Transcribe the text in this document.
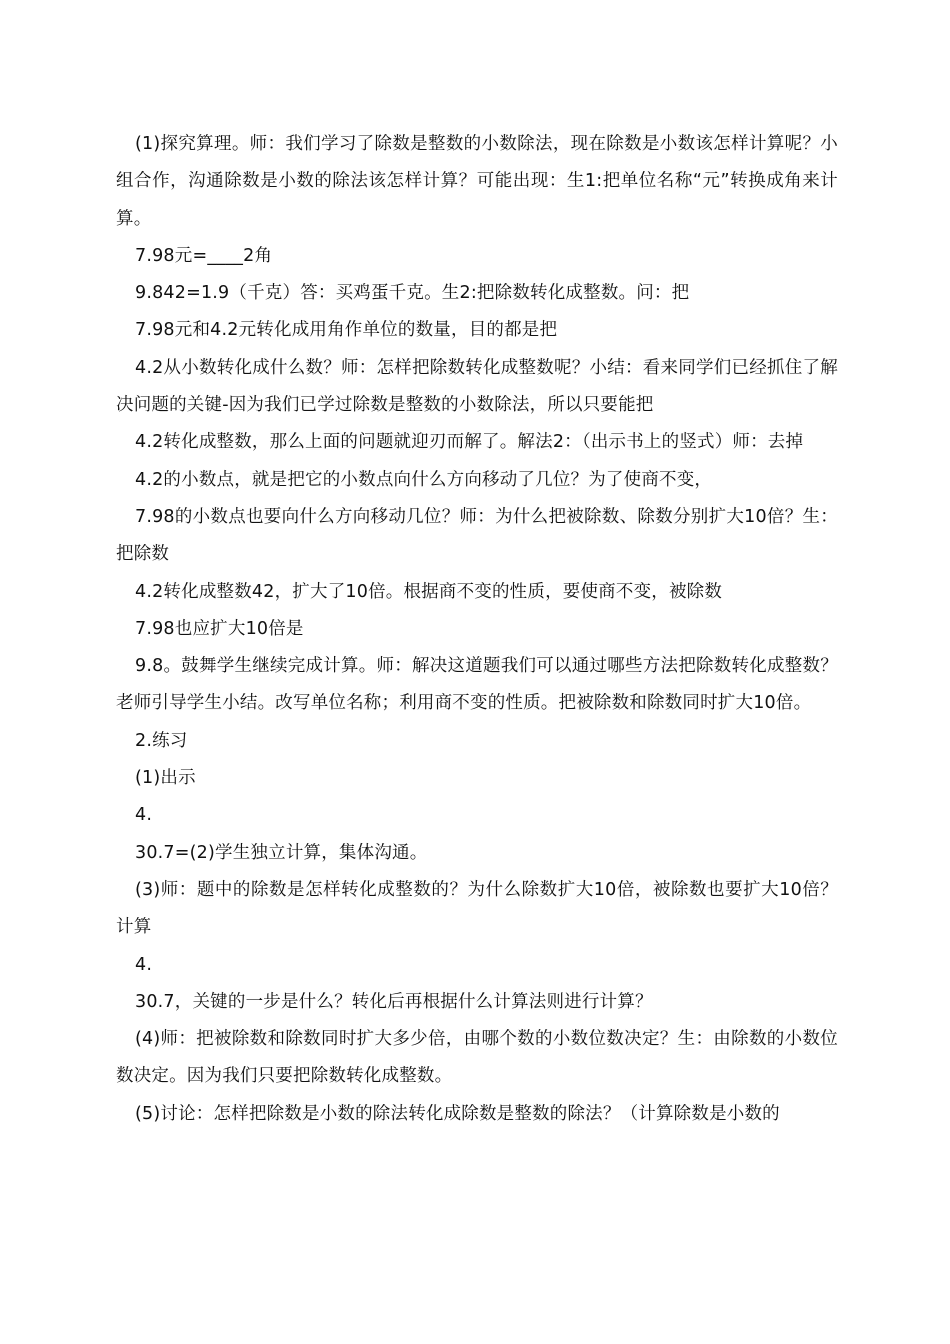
(1)探究算理。师：我们学习了除数是整数的小数除法，现在除数是小数该怎样计算呢？小组合作，沟通除数是小数的除法该怎样计算？可能出现：生1:把单位名称“元”转换成角来计算。

7.98元=____2角

9.842=1.9（千克）答：买鸡蛋千克。生2:把除数转化成整数。问：把

7.98元和4.2元转化成用角作单位的数量，目的都是把

4.2从小数转化成什么数？师：怎样把除数转化成整数呢？小结：看来同学们已经抓住了解决问题的关键-因为我们已学过除数是整数的小数除法，所以只要能把

4.2转化成整数，那么上面的问题就迎刃而解了。解法2：（出示书上的竖式）师：去掉

4.2的小数点，就是把它的小数点向什么方向移动了几位？为了使商不变，

7.98的小数点也要向什么方向移动几位？师：为什么把被除数、除数分别扩大10倍？生：把除数

4.2转化成整数42，扩大了10倍。根据商不变的性质，要使商不变，被除数

7.98也应扩大10倍是

9.8。鼓舞学生继续完成计算。师：解决这道题我们可以通过哪些方法把除数转化成整数？老师引导学生小结。改写单位名称；利用商不变的性质。把被除数和除数同时扩大10倍。

2.练习

(1)出示

4.

30.7=(2)学生独立计算，集体沟通。

(3)师：题中的除数是怎样转化成整数的？为什么除数扩大10倍，被除数也要扩大10倍？计算

4.

30.7，关键的一步是什么？转化后再根据什么计算法则进行计算？

(4)师：把被除数和除数同时扩大多少倍，由哪个数的小数位数决定？生：由除数的小数位数决定。因为我们只要把除数转化成整数。

(5)讨论：怎样把除数是小数的除法转化成除数是整数的除法？（计算除数是小数的
